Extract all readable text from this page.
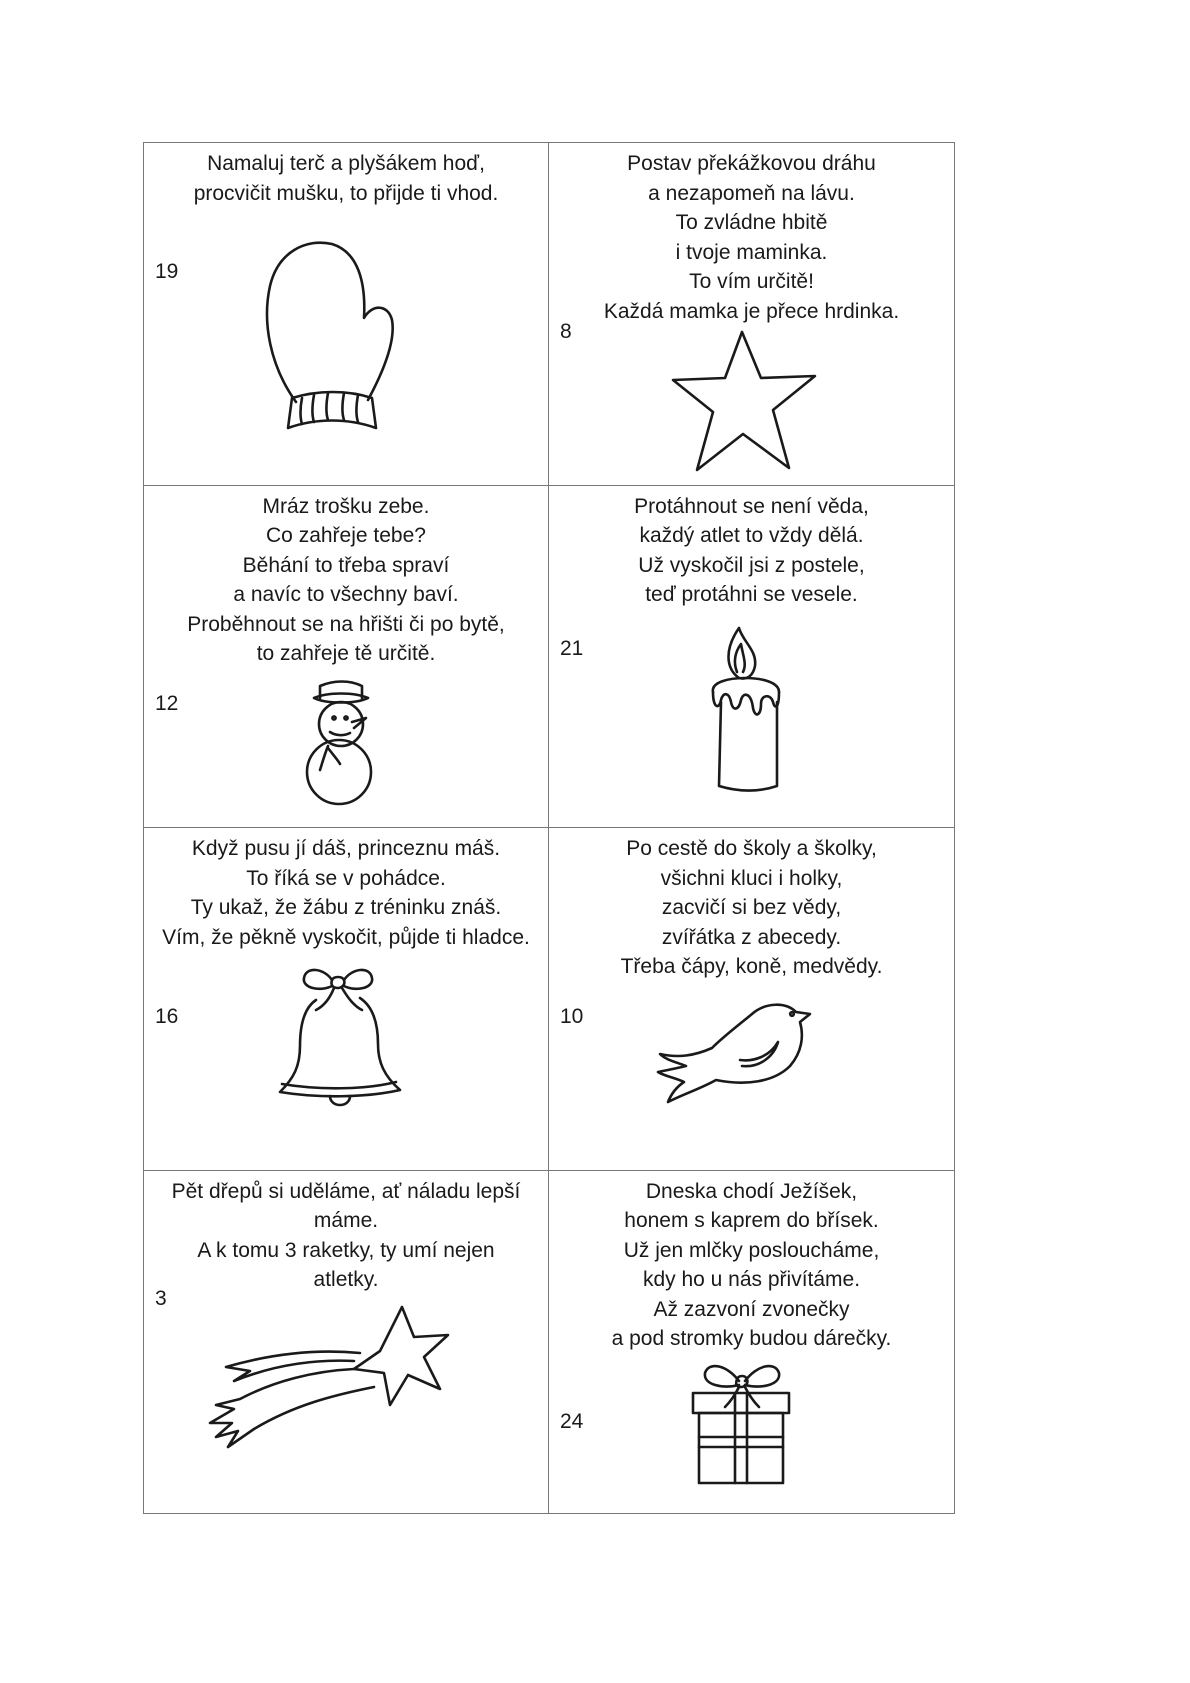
Namaluj terč a plyšákem hoď,
procvičit mušku, to přijde ti vhod.
19
Postav překážkovou dráhu
a nezapomeň na lávu.
To zvládne hbitě
i tvoje maminka.
To vím určitě!
Každá mamka je přece hrdinka.
8
Mráz trošku zebe.
Co zahřeje tebe?
Běhání to třeba spraví
a navíc to všechny baví.
Proběhnout se na hřišti či po bytě,
to zahřeje tě určitě.
12
Protáhnout se není věda,
každý atlet to vždy dělá.
Už vyskočil jsi z postele,
teď protáhni se vesele.
21
Když pusu jí dáš, princeznu máš.
To říká se v pohádce.
Ty ukaž, že žábu z tréninku znáš.
Vím, že pěkně vyskočit, půjde ti hladce.
16
Po cestě do školy a školky,
všichni kluci i holky,
zacvičí si bez vědy,
zvířátka z abecedy.
Třeba čápy, koně, medvědy.
10
Pět dřepů si uděláme, ať náladu lepší
máme.
A k tomu 3 raketky, ty umí nejen
atletky.
3
Dneska chodí Ježíšek,
honem s kaprem do břísek.
Už jen mlčky posloucháme,
kdy ho u nás přivítáme.
Až zazvoní zvonečky
a pod stromky budou dárečky.
24
